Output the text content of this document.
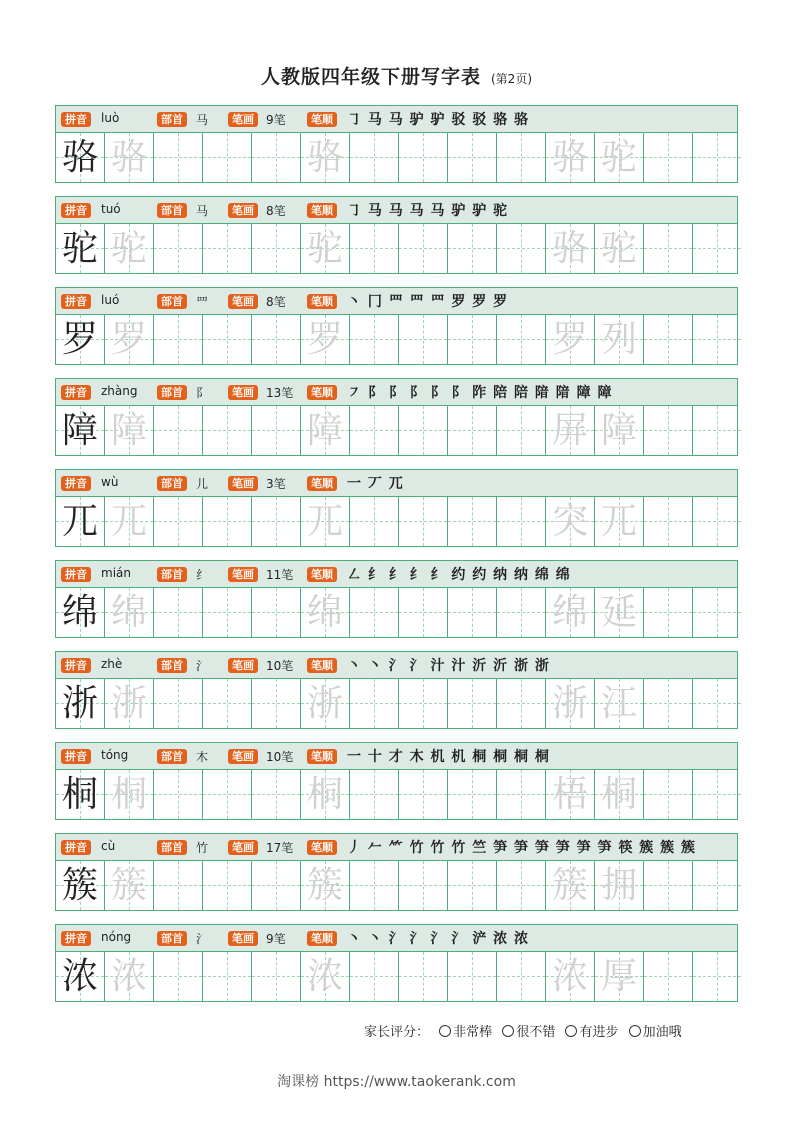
人教版四年级下册写字表 (第2页)
拼音	luò	部首	马	笔画	9笔	笔顺 ㇆ 马 马 驴 驴 驳 驳 骆 骆
骆 骆	骆	骆 驼
拼音	tuó	部首	马	笔画	8笔	笔顺 ㇆ 马 马 马 马 驴 驴 驼
驼 驼	驼	骆 驼
拼音	luó	部首	罒	笔画	8笔	笔顺 丶 冂 罒 罒 罒 罗 罗 罗
罗 罗	罗	罗 列
拼音	zhàng	部首	阝	笔画	13笔	笔顺 ㇇ 阝 阝 阝 阝 阝 阼 陪 陪 隌 隌 障 障
障 障	障	屏 障
拼音	wù	部首	儿	笔画	3笔	笔顺 一 丆 兀
兀 兀	兀	突 兀
拼音	mián	部首	纟	笔画	11笔	笔顺 ㇜ 纟 纟 纟 纟 约 约 纳 纳 绵 绵
绵 绵	绵	绵 延
拼音	zhè	部首	氵	笔画	10笔	笔顺 丶 丶 氵 氵 汁 汁 沂 沂 浙 浙
浙 浙	浙	浙 江
拼音	tóng	部首	木	笔画	10笔	笔顺 一 十 才 木 机 机 桐 桐 桐 桐
桐 桐	桐	梧 桐
拼音	cù	部首	竹	笔画	17笔	笔顺 丿 𠂉 ⺮ 竹 竹 竹 竺 笋 笋 笋 笋 笋 笋 筷 簇 簇 簇
簇 簇	簇	簇 拥
拼音	nóng	部首	氵	笔画	9笔	笔顺 丶 丶 氵 氵 氵 氵 浐 浓 浓
浓 浓	浓	浓 厚
家长评分： 非常棒 很不错 有进步 加油哦
淘课榜 https://www.taokerank.com
